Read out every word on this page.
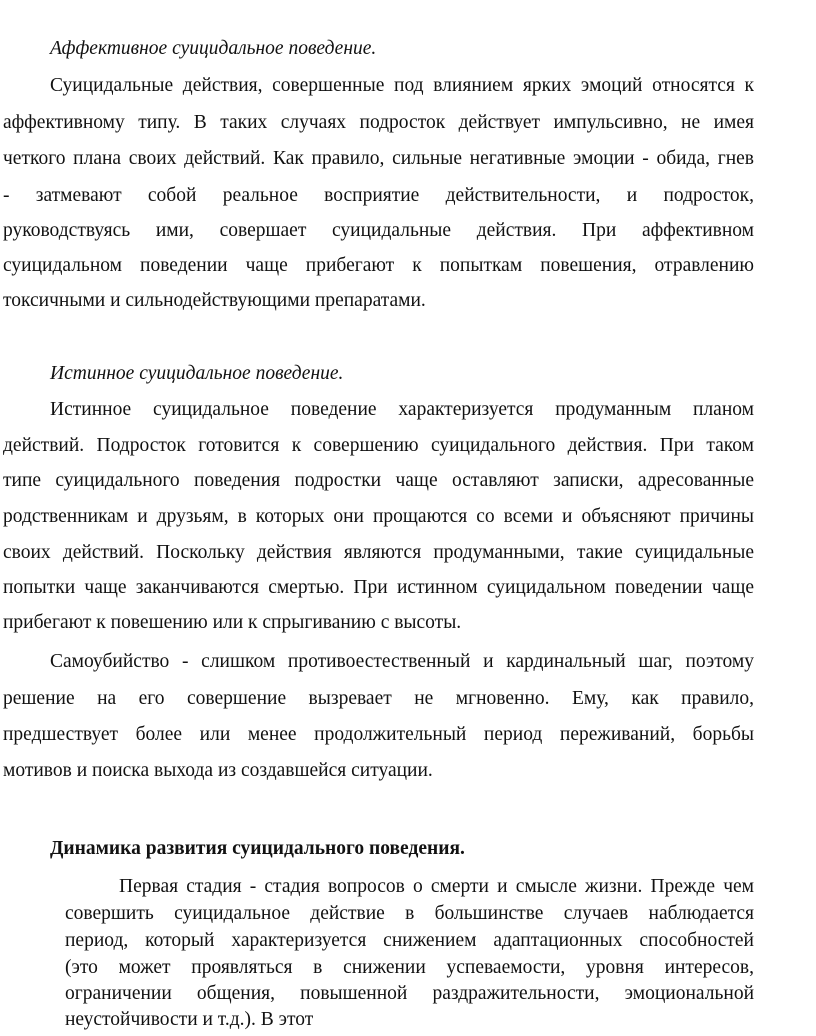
Аффективное суицидальное поведение.
Суицидальные действия, совершенные под влиянием ярких эмоций относятся к
аффективному типу. В таких случаях подросток действует импульсивно, не имея
четкого плана своих действий. Как правило, сильные негативные эмоции - обида, гнев
- затмевают собой реальное восприятие действительности, и подросток,
руководствуясь ими, совершает суицидальные действия. При аффективном
суицидальном поведении чаще прибегают к попыткам повешения, отравлению
токсичными и сильнодействующими препаратами.
Истинное суицидальное поведение.
Истинное суицидальное поведение характеризуется продуманным планом
действий. Подросток готовится к совершению суицидального действия. При таком
типе суицидального поведения подростки чаще оставляют записки, адресованные
родственникам и друзьям, в которых они прощаются со всеми и объясняют причины
своих действий. Поскольку действия являются продуманными, такие суицидальные
попытки чаще заканчиваются смертью. При истинном суицидальном поведении чаще
прибегают к повешению или к спрыгиванию с высоты.
Самоубийство - слишком противоестественный и кардинальный шаг, поэтому
решение на его совершение вызревает не мгновенно. Ему, как правило,
предшествует более или менее продолжительный период переживаний, борьбы
мотивов и поиска выхода из создавшейся ситуации.
Динамика развития суицидального поведения.
Первая стадия - стадия вопросов о смерти и смысле жизни. Прежде чем
совершить суицидальное действие в большинстве случаев наблюдается
период, который характеризуется снижением адаптационных способностей
(это может проявляться в снижении успеваемости, уровня интересов,
ограничении общения, повышенной раздражительности, эмоциональной
неустойчивости и т.д.). В этот
